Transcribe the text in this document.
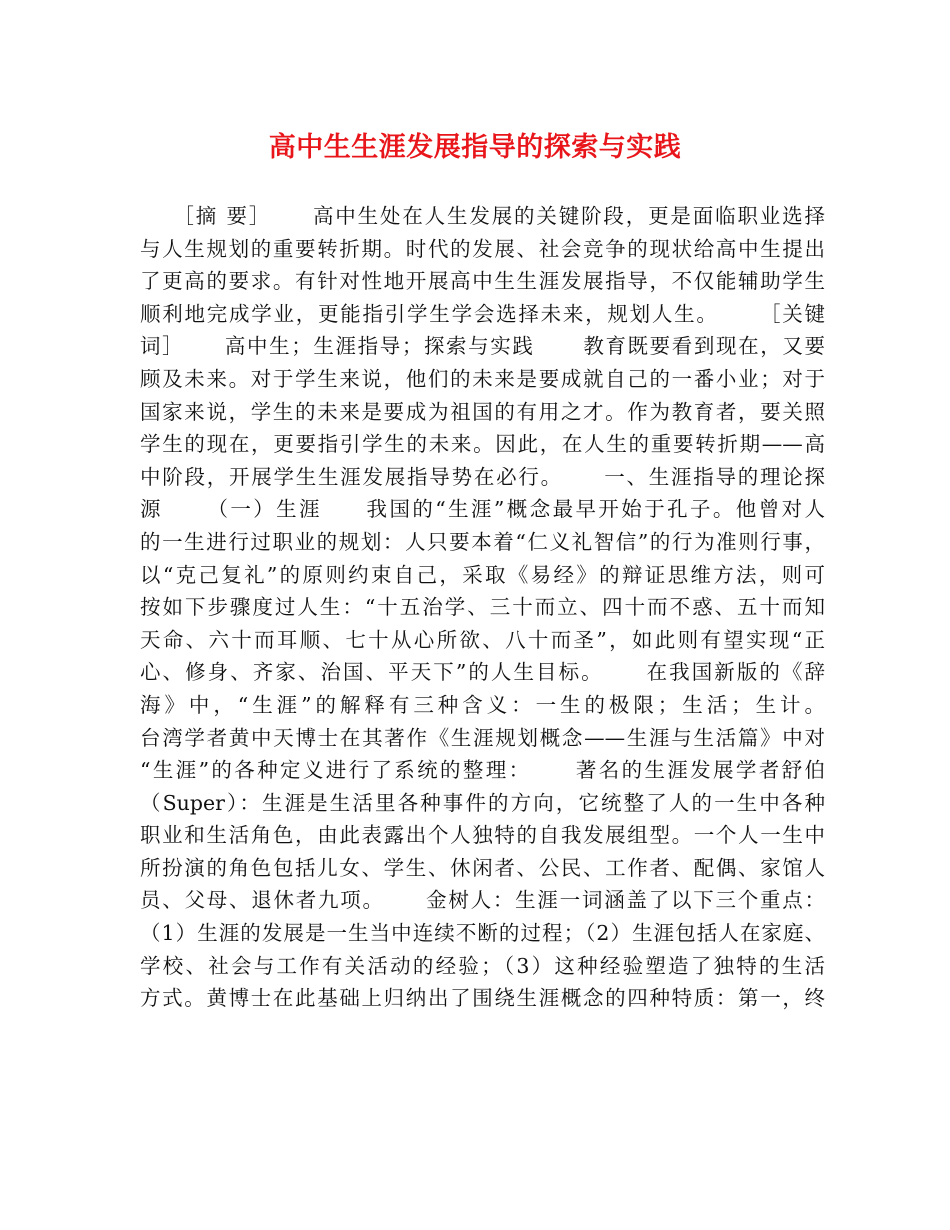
高中生生涯发展指导的探索与实践
［摘 要］     高中生处在人生发展的关键阶段，更是面临职业选择
与人生规划的重要转折期。时代的发展、社会竞争的现状给高中生提出
了更高的要求。有针对性地开展高中生生涯发展指导，不仅能辅助学生
顺利地完成学业，更能指引学生学会选择未来，规划人生。     ［关键
词］     高中生；生涯指导；探索与实践      教育既要看到现在，又要
顾及未来。对于学生来说，他们的未来是要成就自己的一番小业；对于
国家来说，学生的未来是要成为祖国的有用之才。作为教育者，要关照
学生的现在，更要指引学生的未来。因此，在人生的重要转折期——高
中阶段，开展学生生涯发展指导势在必行。     一、生涯指导的理论探
源     （一）生涯     我国的“生涯”概念最早开始于孔子。他曾对人
的一生进行过职业的规划：人只要本着“仁义礼智信”的行为准则行事，
以“克己复礼”的原则约束自己，采取《易经》的辩证思维方法，则可
按如下步骤度过人生：“十五治学、三十而立、四十而不惑、五十而知
天命、六十而耳顺、七十从心所欲、八十而圣”，如此则有望实现“正
心、修身、齐家、治国、平天下”的人生目标。     在我国新版的《辞
海》中，“生涯”的解释有三种含义：一生的极限；生活；生计。
台湾学者黄中天博士在其著作《生涯规划概念——生涯与生活篇》中对
“生涯”的各种定义进行了系统的整理：     著名的生涯发展学者舒伯
（Super）：生涯是生活里各种事件的方向，它统整了人的一生中各种
职业和生活角色，由此表露出个人独特的自我发展组型。一个人一生中
所扮演的角色包括儿女、学生、休闲者、公民、工作者、配偶、家馆人
员、父母、退休者九项。     金树人：生涯一词涵盖了以下三个重点：
（1）生涯的发展是一生当中连续不断的过程；（2）生涯包括人在家庭、
学校、社会与工作有关活动的经验；（3）这种经验塑造了独特的生活
方式。黄博士在此基础上归纳出了围绕生涯概念的四种特质：第一，终
